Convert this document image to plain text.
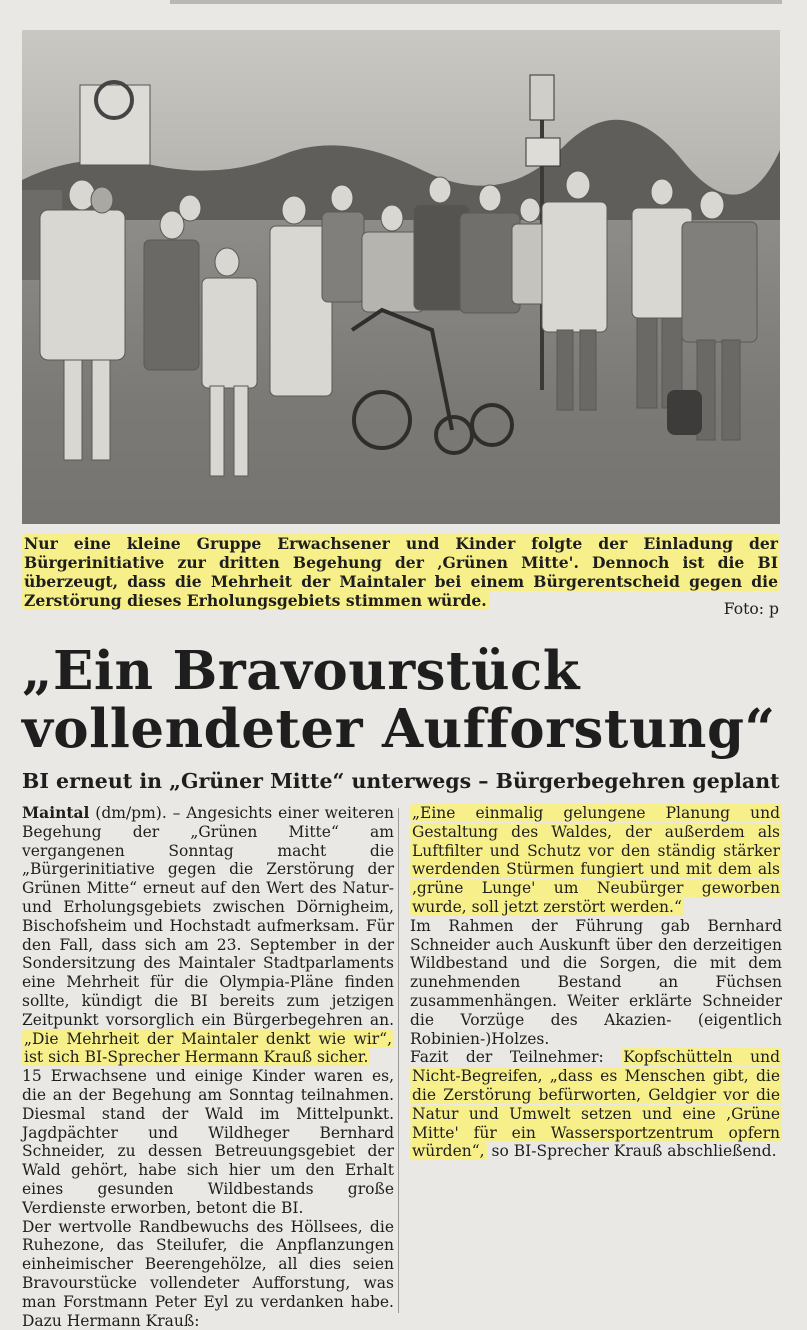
Nur eine kleine Gruppe Erwachsener und Kinder folgte der Einladung der Bürgerinitiative zur dritten Begehung der ‚Grünen Mitte'. Dennoch ist die BI überzeugt, dass die Mehrheit der Maintaler bei einem Bürgerentscheid gegen die Zerstörung dieses Erholungsgebiets stimmen würde.	Foto: p
„Ein Bravourstück vollendeter Aufforstung“
BI erneut in „Grüner Mitte“ unterwegs – Bürgerbegehren geplant

Maintal (dm/pm). – Angesichts einer weiteren Begehung der „Grünen Mitte“ am vergangenen Sonntag macht die „Bürgerinitiative gegen die Zerstörung der Grünen Mitte“ erneut auf den Wert des Natur- und Erholungsgebiets zwischen Dörnigheim, Bischofsheim und Hochstadt aufmerksam. Für den Fall, dass sich am 23. September in der Sondersitzung des Maintaler Stadtparlaments eine Mehrheit für die Olympia-Pläne finden sollte, kündigt die BI bereits zum jetzigen Zeitpunkt vorsorglich ein Bürgerbegehren an. „Die Mehrheit der Maintaler denkt wie wir“, ist sich BI-Sprecher Hermann Krauß sicher.

15 Erwachsene und einige Kinder waren es, die an der Begehung am Sonntag teilnahmen. Diesmal stand der Wald im Mittelpunkt. Jagdpächter und Wildheger Bernhard Schneider, zu dessen Betreuungsgebiet der Wald gehört, habe sich hier um den Erhalt eines gesunden Wildbestands große Verdienste erworben, betont die BI.

Der wertvolle Randbewuchs des Höllsees, die Ruhezone, das Steilufer, die Anpflanzungen einheimischer Beerengehölze, all dies seien Bravourstücke vollendeter Aufforstung, was man Forstmann Peter Eyl zu verdanken habe. Dazu Hermann Krauß:

„Eine einmalig gelungene Planung und Gestaltung des Waldes, der außerdem als Luftfilter und Schutz vor den ständig stärker werdenden Stürmen fungiert und mit dem als ‚grüne Lunge' um Neubürger geworben wurde, soll jetzt zerstört werden.“

Im Rahmen der Führung gab Bernhard Schneider auch Auskunft über den derzeitigen Wildbestand und die Sorgen, die mit dem zunehmenden Bestand an Füchsen zusammenhängen. Weiter erklärte Schneider die Vorzüge des Akazien- (eigentlich Robinien-)Holzes.

Fazit der Teilnehmer: Kopfschütteln und Nicht-Begreifen, „dass es Menschen gibt, die die Zerstörung befürworten, Geldgier vor die Natur und Umwelt setzen und eine ‚Grüne Mitte' für ein Wassersportzentrum opfern würden“, so BI-Sprecher Krauß abschließend.
